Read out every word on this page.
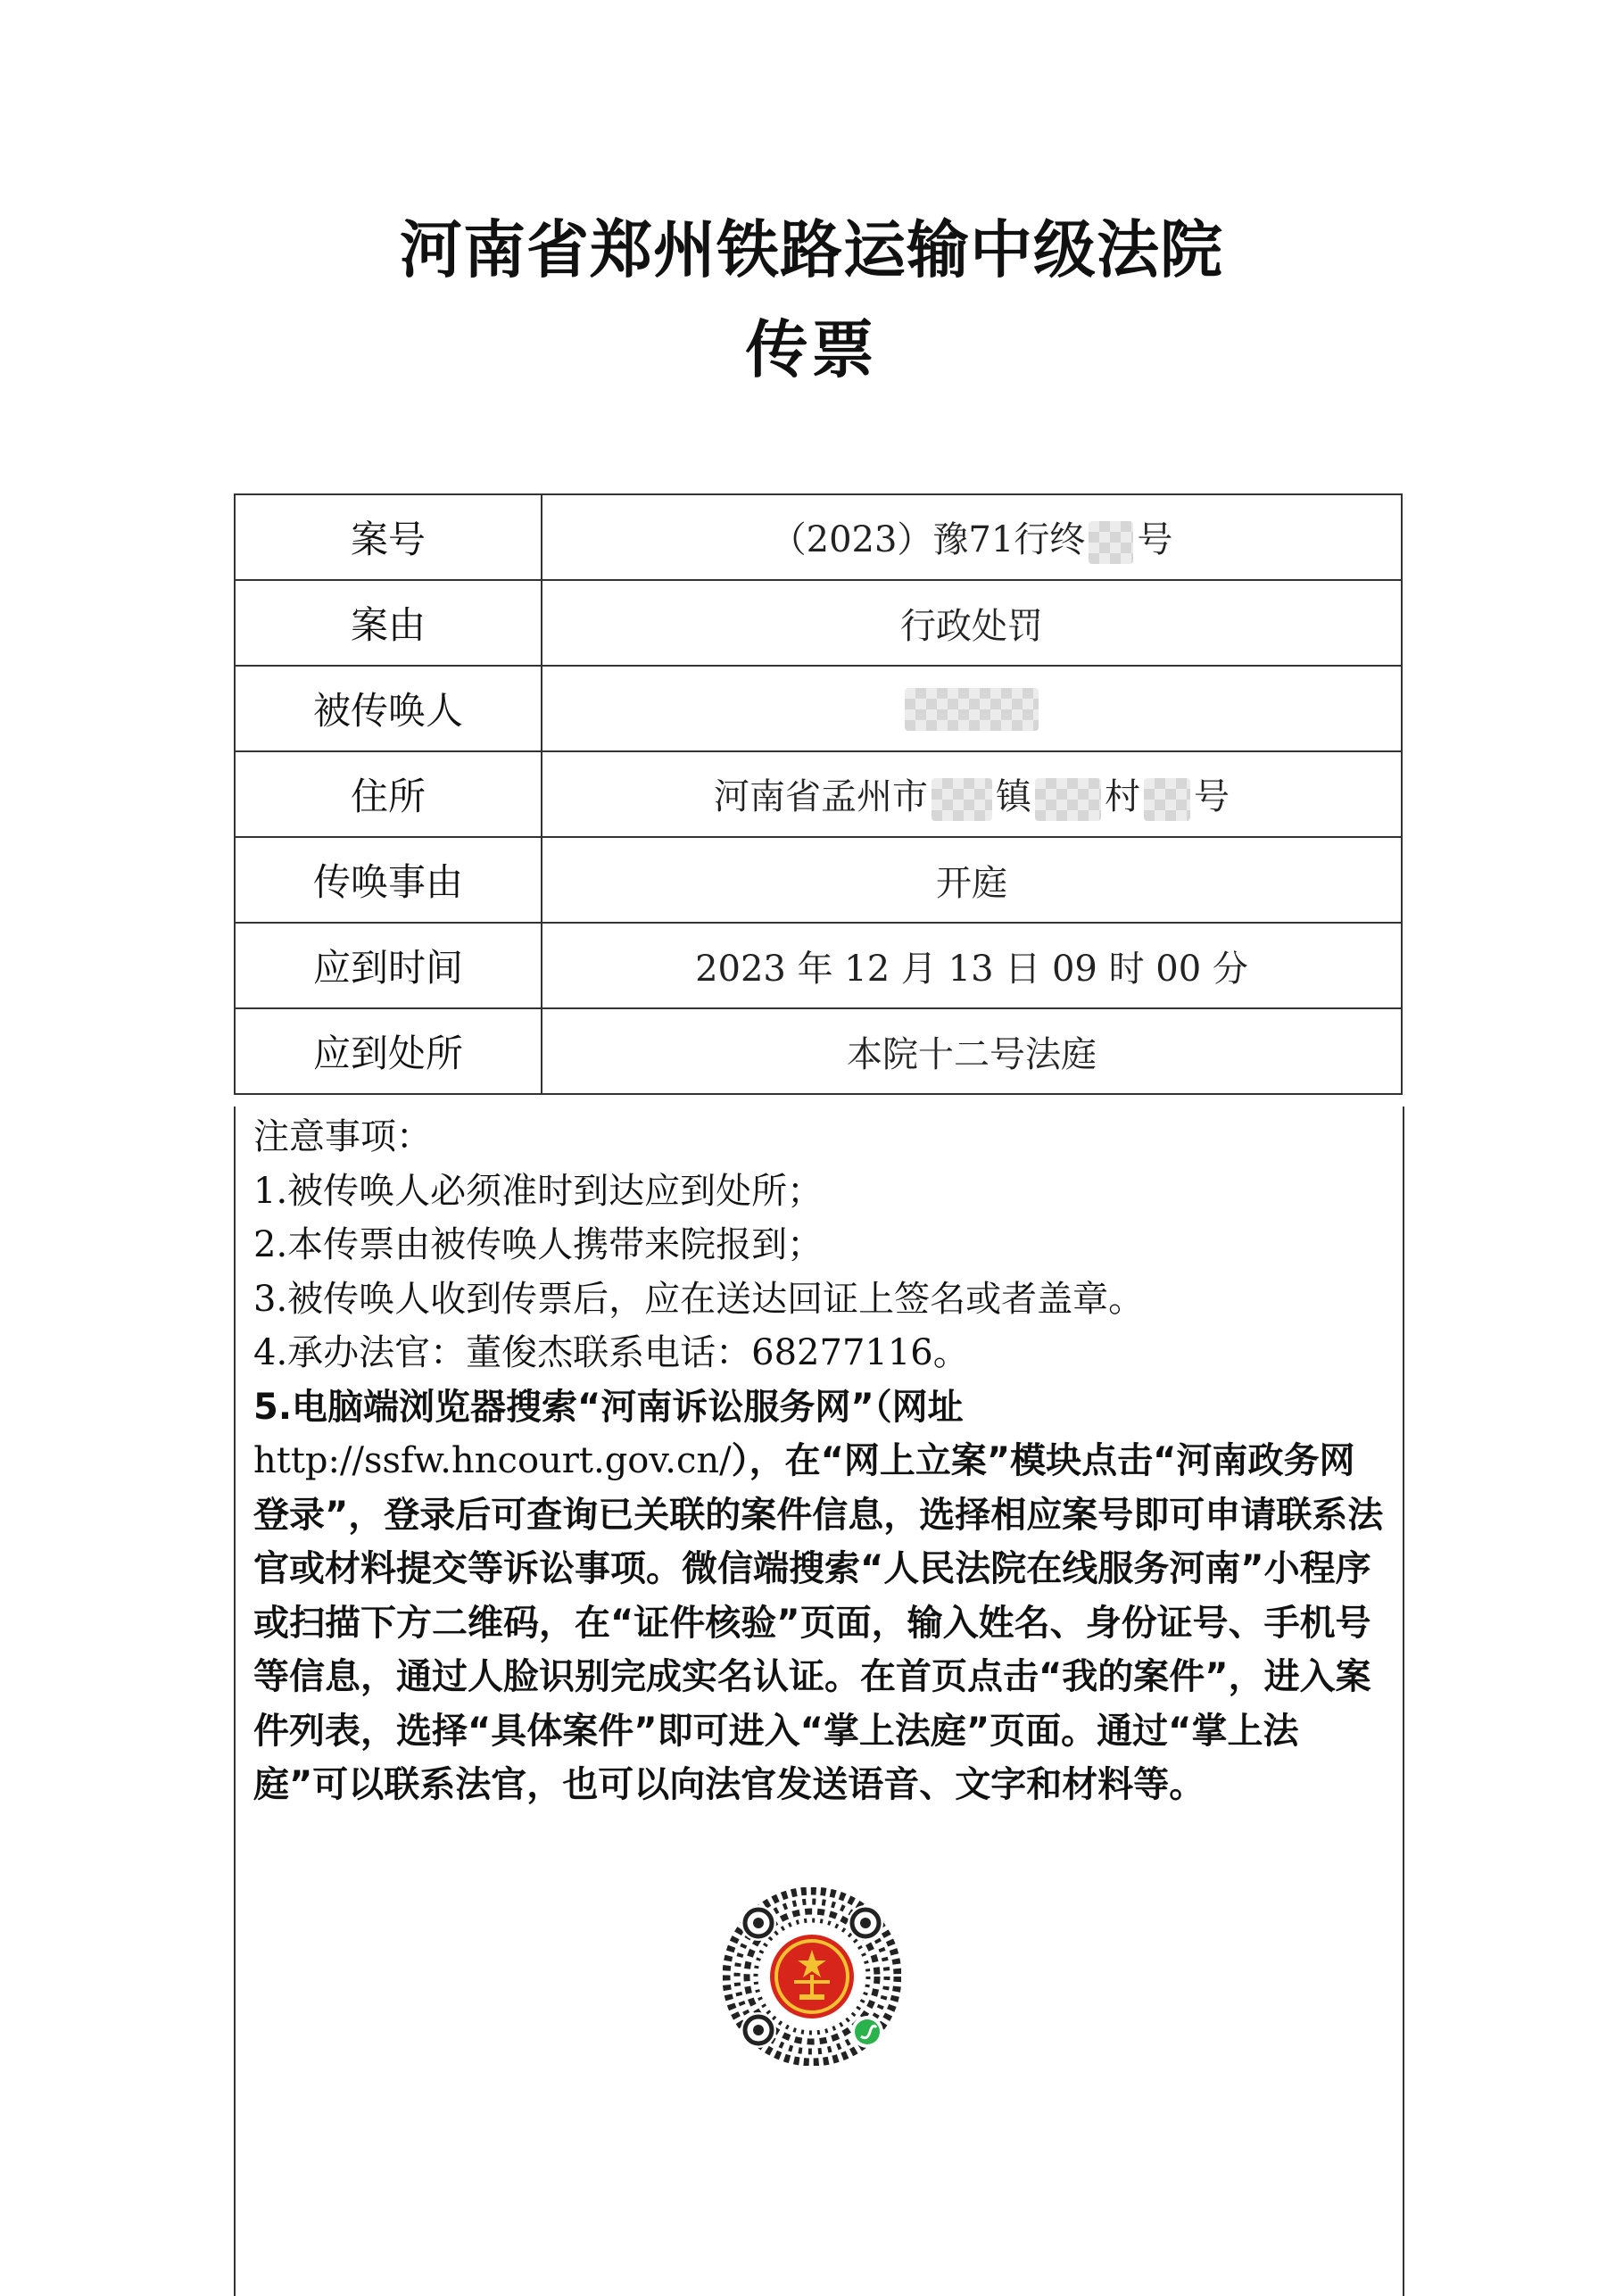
河南省郑州铁路运输中级法院
传票
案号	（2023）豫71行终 号
案由	行政处罚
被传唤人	
住所	河南省孟州市 镇 村 号
传唤事由	开庭
应到时间	2023 年 12 月 13 日 09 时 00 分
应到处所	本院十二号法庭

注意事项：

1.被传唤人必须准时到达应到处所；

2.本传票由被传唤人携带来院报到；

3.被传唤人收到传票后，应在送达回证上签名或者盖章。

4.承办法官：董俊杰联系电话：68277116。

5.电脑端浏览器搜索“河南诉讼服务网”（网址
http://ssfw.hncourt.gov.cn/），在“网上立案”模块点击“河南政务网登录”，登录后可查询已关联的案件信息，选择相应案号即可申请联系法官或材料提交等诉讼事项。微信端搜索“人民法院在线服务河南”小程序或扫描下方二维码，在“证件核验”页面，输入姓名、身份证号、手机号等信息，通过人脸识别完成实名认证。在首页点击“我的案件”，进入案件列表，选择“具体案件”即可进入“掌上法庭”页面。通过“掌上法庭”可以联系法官，也可以向法官发送语音、文字和材料等。
